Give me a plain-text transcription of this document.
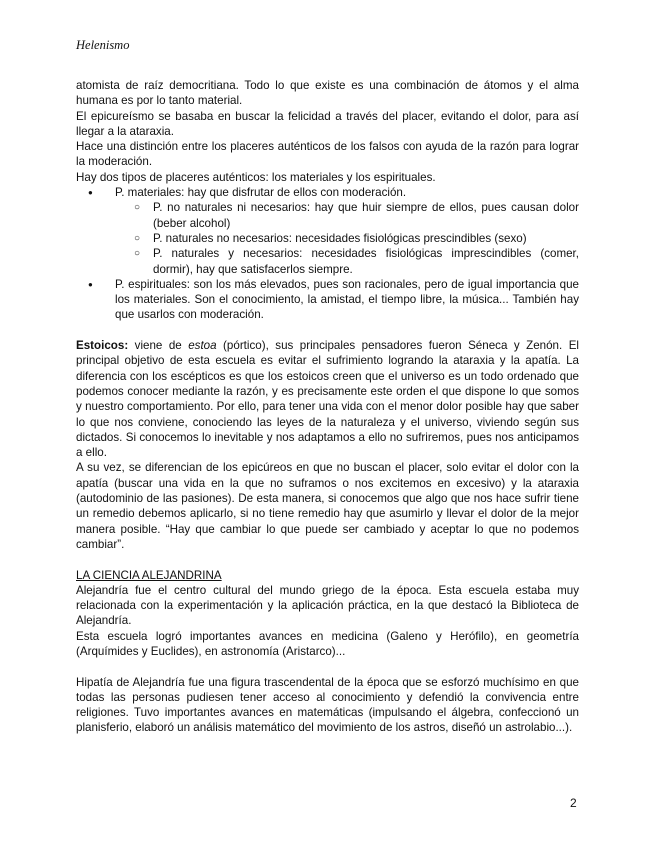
Helenismo

atomista de raíz democritiana. Todo lo que existe es una combinación de átomos y el alma humana es por lo tanto material.

El epicureísmo se basaba en buscar la felicidad a través del placer, evitando el dolor, para así llegar a la ataraxia.

Hace una distinción entre los placeres auténticos de los falsos con ayuda de la razón para lograr la moderación.

Hay dos tipos de placeres auténticos: los materiales y los espirituales.

● P. materiales: hay que disfrutar de ellos con moderación.
○ P. no naturales ni necesarios: hay que huir siempre de ellos, pues causan dolor (beber alcohol)
○ P. naturales no necesarios: necesidades fisiológicas prescindibles (sexo)
○ P. naturales y necesarios: necesidades fisiológicas imprescindibles (comer, dormir), hay que satisfacerlos siempre.
● P. espirituales: son los más elevados, pues son racionales, pero de igual importancia que los materiales. Son el conocimiento, la amistad, el tiempo libre, la música... También hay que usarlos con moderación.

Estoicos: viene de estoa (pórtico), sus principales pensadores fueron Séneca y Zenón. El principal objetivo de esta escuela es evitar el sufrimiento logrando la ataraxia y la apatía. La diferencia con los escépticos es que los estoicos creen que el universo es un todo ordenado que podemos conocer mediante la razón, y es precisamente este orden el que dispone lo que somos y nuestro comportamiento. Por ello, para tener una vida con el menor dolor posible hay que saber lo que nos conviene, conociendo las leyes de la naturaleza y el universo, viviendo según sus dictados. Si conocemos lo inevitable y nos adaptamos a ello no sufriremos, pues nos anticipamos a ello.

A su vez, se diferencian de los epicúreos en que no buscan el placer, solo evitar el dolor con la apatía (buscar una vida en la que no suframos o nos excitemos en excesivo) y la ataraxia (autodominio de las pasiones). De esta manera, si conocemos que algo que nos hace sufrir tiene un remedio debemos aplicarlo, si no tiene remedio hay que asumirlo y llevar el dolor de la mejor manera posible. “Hay que cambiar lo que puede ser cambiado y aceptar lo que no podemos cambiar”.

LA CIENCIA ALEJANDRINA

Alejandría fue el centro cultural del mundo griego de la época. Esta escuela estaba muy relacionada con la experimentación y la aplicación práctica, en la que destacó la Biblioteca de Alejandría.

Esta escuela logró importantes avances en medicina (Galeno y Herófilo), en geometría (Arquímides y Euclides), en astronomía (Aristarco)...

Hipatía de Alejandría fue una figura trascendental de la época que se esforzó muchísimo en que todas las personas pudiesen tener acceso al conocimiento y defendió la convivencia entre religiones. Tuvo importantes avances en matemáticas (impulsando el álgebra, confeccionó un planisferio, elaboró un análisis matemático del movimiento de los astros, diseñó un astrolabio...).

2
